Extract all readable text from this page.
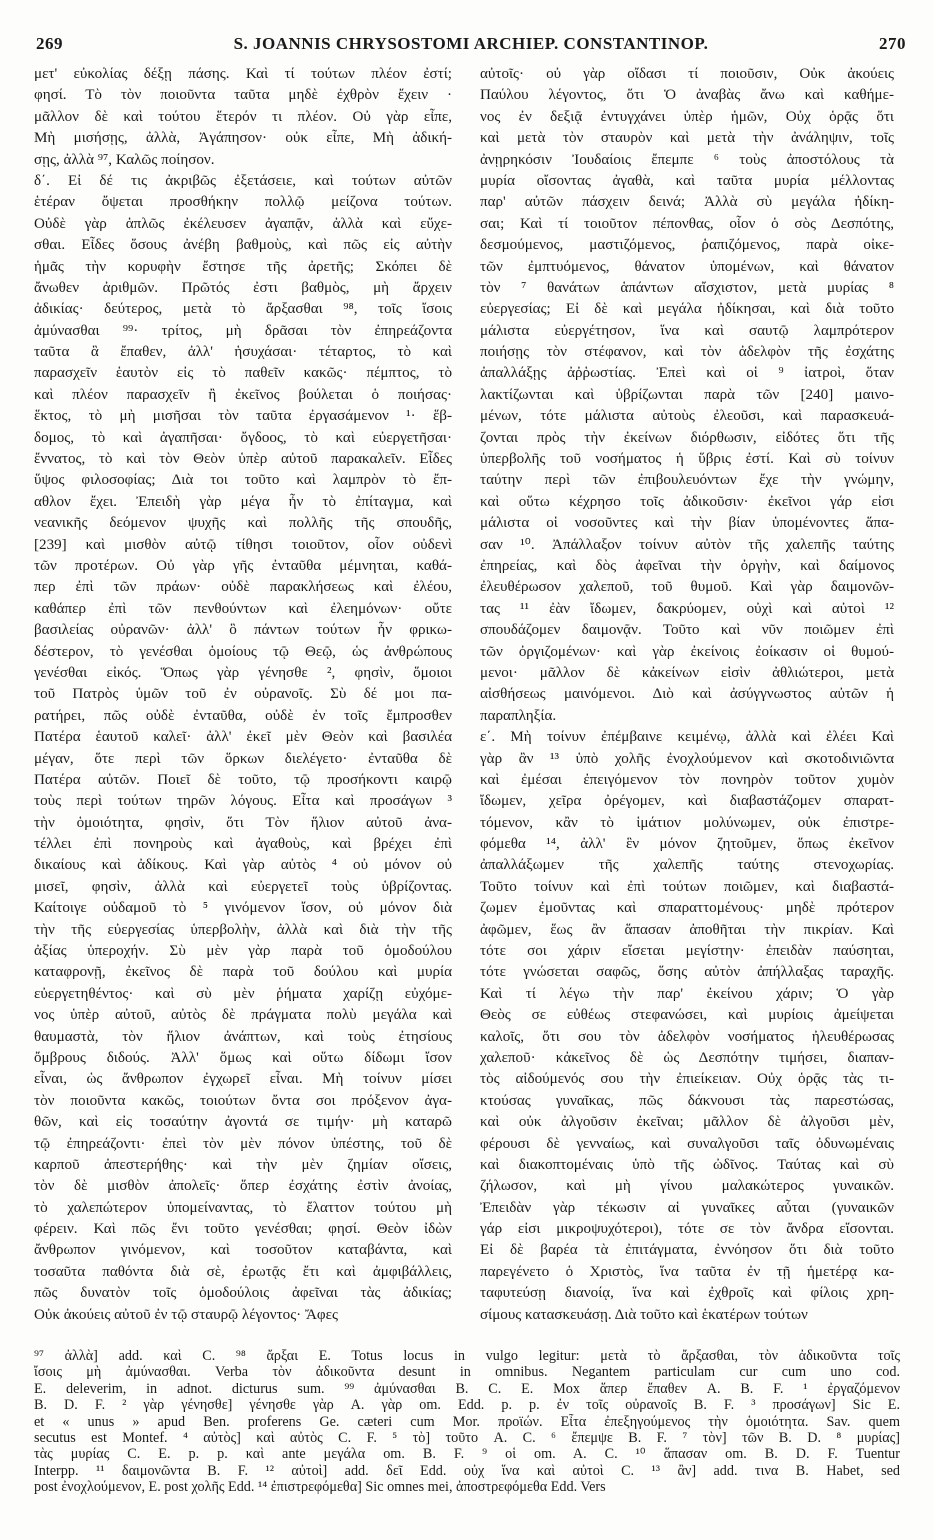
269	S. JOANNIS CHRYSOSTOMI ARCHIEP. CONSTANTINOP.	270
μετ' εὐκολίας δέξῃ πάσης. Καὶ τί τούτων πλέον ἐστί;
φησί. Τὸ τὸν ποιοῦντα ταῦτα μηδὲ ἐχθρὸν ἔχειν ·
μᾶλλον δὲ καὶ τούτου ἕτερόν τι πλέον. Οὐ γὰρ εἶπε,
Μὴ μισήσῃς, ἀλλὰ, Ἀγάπησον· οὐκ εἶπε, Μὴ ἀδική-
σῃς, ἀλλὰ ⁹⁷, Καλῶς ποίησον.
δ΄. Εἰ δέ τις ἀκριβῶς ἐξετάσειε, καὶ τούτων αὐτῶν
ἑτέραν ὄψεται προσθήκην πολλῷ μείζονα τούτων.
Οὐδὲ γὰρ ἁπλῶς ἐκέλευσεν ἀγαπᾷν, ἀλλὰ καὶ εὔχε-
σθαι. Εἶδες ὅσους ἀνέβη βαθμοὺς, καὶ πῶς εἰς αὐτὴν
ἡμᾶς τὴν κορυφὴν ἔστησε τῆς ἀρετῆς; Σκόπει δὲ
ἄνωθεν ἀριθμῶν. Πρῶτός ἐστι βαθμὸς, μὴ ἄρχειν
ἀδικίας· δεύτερος, μετὰ τὸ ἄρξασθαι ⁹⁸, τοῖς ἴσοις
ἀμύνασθαι ⁹⁹· τρίτος, μὴ δρᾶσαι τὸν ἐπηρεάζοντα
ταῦτα ἃ ἔπαθεν, ἀλλ' ἡσυχάσαι· τέταρτος, τὸ καὶ
παρασχεῖν ἑαυτὸν εἰς τὸ παθεῖν κακῶς· πέμπτος, τὸ
καὶ πλέον παρασχεῖν ἢ ἐκεῖνος βούλεται ὁ ποιήσας·
ἕκτος, τὸ μὴ μισῆσαι τὸν ταῦτα ἐργασάμενον ¹· ἕβ-
δομος, τὸ καὶ ἀγαπῆσαι· ὄγδοος, τὸ καὶ εὐεργετῆσαι·
ἔννατος, τὸ καὶ τὸν Θεὸν ὑπὲρ αὐτοῦ παρακαλεῖν. Εἶδες
ὕψος φιλοσοφίας; Διὰ τοι τοῦτο καὶ λαμπρὸν τὸ ἔπ-
αθλον ἔχει. Ἐπειδὴ γὰρ μέγα ἦν τὸ ἐπίταγμα, καὶ
νεανικῆς δεόμενον ψυχῆς καὶ πολλῆς τῆς σπουδῆς,
[239] καὶ μισθὸν αὐτῷ τίθησι τοιοῦτον, οἷον οὐδενὶ
τῶν προτέρων. Οὐ γὰρ γῆς ἐνταῦθα μέμνηται, καθά-
περ ἐπὶ τῶν πράων· οὐδὲ παρακλήσεως καὶ ἐλέου,
καθάπερ ἐπὶ τῶν πενθούντων καὶ ἐλεημόνων· οὔτε
βασιλείας οὐρανῶν· ἀλλ' ὃ πάντων τούτων ἦν φρικω-
δέστερον, τὸ γενέσθαι ὁμοίους τῷ Θεῷ, ὡς ἀνθρώπους
γενέσθαι εἰκός. Ὅπως γὰρ γένησθε ², φησὶν, ὅμοιοι
τοῦ Πατρὸς ὑμῶν τοῦ ἐν οὐρανοῖς. Σὺ δέ μοι πα-
ρατήρει, πῶς οὐδὲ ἐνταῦθα, οὐδὲ ἐν τοῖς ἔμπροσθεν
Πατέρα ἑαυτοῦ καλεῖ· ἀλλ' ἐκεῖ μὲν Θεὸν καὶ βασιλέα
μέγαν, ὅτε περὶ τῶν ὅρκων διελέγετο· ἐνταῦθα δὲ
Πατέρα αὐτῶν. Ποιεῖ δὲ τοῦτο, τῷ προσήκοντι καιρῷ
τοὺς περὶ τούτων τηρῶν λόγους. Εἶτα καὶ προσάγων ³
τὴν ὁμοιότητα, φησὶν, ὅτι Τὸν ἥλιον αὐτοῦ ἀνα-
τέλλει ἐπὶ πονηροὺς καὶ ἀγαθοὺς, καὶ βρέχει ἐπὶ
δικαίους καὶ ἀδίκους. Καὶ γὰρ αὐτὸς ⁴ οὐ μόνον οὐ
μισεῖ, φησὶν, ἀλλὰ καὶ εὐεργετεῖ τοὺς ὑβρίζοντας.
Καίτοιγε οὐδαμοῦ τὸ ⁵ γινόμενον ἴσον, οὐ μόνον διὰ
τὴν τῆς εὐεργεσίας ὑπερβολὴν, ἀλλὰ καὶ διὰ τὴν τῆς
ἀξίας ὑπεροχήν. Σὺ μὲν γὰρ παρὰ τοῦ ὁμοδούλου
καταφρονῇ, ἐκεῖνος δὲ παρὰ τοῦ δούλου καὶ μυρία
εὐεργετηθέντος· καὶ σὺ μὲν ῥήματα χαρίζῃ εὐχόμε-
νος ὑπὲρ αὐτοῦ, αὐτὸς δὲ πράγματα πολὺ μεγάλα καὶ
θαυμαστὰ, τὸν ἥλιον ἀνάπτων, καὶ τοὺς ἐτησίους
ὄμβρους διδούς. Ἀλλ' ὅμως καὶ οὕτω δίδωμι ἴσον
εἶναι, ὡς ἄνθρωπον ἐγχωρεῖ εἶναι. Μὴ τοίνυν μίσει
τὸν ποιοῦντα κακῶς, τοιούτων ὄντα σοι πρόξενον ἀγα-
θῶν, καὶ εἰς τοσαύτην ἀγοντά σε τιμήν· μὴ καταρῶ
τῷ ἐπηρεάζοντι· ἐπεὶ τὸν μὲν πόνον ὑπέστης, τοῦ δὲ
καρποῦ ἀπεστερήθης· καὶ τὴν μὲν ζημίαν οἴσεις,
τὸν δὲ μισθὸν ἀπολεῖς· ὅπερ ἐσχάτης ἐστὶν ἀνοίας,
τὸ χαλεπώτερον ὑπομείναντας, τὸ ἔλαττον τούτου μὴ
φέρειν. Καὶ πῶς ἔνι τοῦτο γενέσθαι; φησί. Θεὸν ἰδὼν
ἄνθρωπον γινόμενον, καὶ τοσοῦτον καταβάντα, καὶ
τοσαῦτα παθόντα διὰ σὲ, ἐρωτᾷς ἔτι καὶ ἀμφιβάλλεις,
πῶς δυνατὸν τοῖς ὁμοδούλοις ἀφεῖναι τὰς ἀδικίας;
Οὐκ ἀκούεις αὐτοῦ ἐν τῷ σταυρῷ λέγοντος· Ἄφες
αὐτοῖς· οὐ γὰρ οἴδασι τί ποιοῦσιν, Οὐκ ἀκούεις
Παύλου λέγοντος, ὅτι Ὁ ἀναβὰς ἄνω καὶ καθήμε-
νος ἐν δεξιᾷ ἐντυγχάνει ὑπὲρ ἡμῶν, Οὐχ ὁρᾷς ὅτι
καὶ μετὰ τὸν σταυρὸν καὶ μετὰ τὴν ἀνάληψιν, τοῖς
ἀνῃρηκόσιν Ἰουδαίοις ἔπεμπε ⁶ τοὺς ἀποστόλους τὰ
μυρία οἴσοντας ἀγαθὰ, καὶ ταῦτα μυρία μέλλοντας
παρ' αὐτῶν πάσχειν δεινά; Ἀλλὰ σὺ μεγάλα ἠδίκη-
σαι; Καὶ τί τοιοῦτον πέπονθας, οἷον ὁ σὸς Δεσπότης,
δεσμούμενος, μαστιζόμενος, ῥαπιζόμενος, παρὰ οἰκε-
τῶν ἐμπτυόμενος, θάνατον ὑπομένων, καὶ θάνατον
τὸν ⁷ θανάτων ἁπάντων αἴσχιστον, μετὰ μυρίας ⁸
εὐεργεσίας; Εἰ δὲ καὶ μεγάλα ἠδίκησαι, καὶ διὰ τοῦτο
μάλιστα εὐεργέτησον, ἵνα καὶ σαυτῷ λαμπρότερον
ποιήσῃς τὸν στέφανον, καὶ τὸν ἀδελφὸν τῆς ἐσχάτης
ἀπαλλάξῃς ἀῤῥωστίας. Ἐπεὶ καὶ οἱ ⁹ ἰατροὶ, ὅταν
λακτίζωνται καὶ ὑβρίζωνται παρὰ τῶν [240] μαινο-
μένων, τότε μάλιστα αὐτοὺς ἐλεοῦσι, καὶ παρασκευά-
ζονται πρὸς τὴν ἐκείνων διόρθωσιν, εἰδότες ὅτι τῆς
ὑπερβολῆς τοῦ νοσήματος ἡ ὕβρις ἐστί. Καὶ σὺ τοίνυν
ταύτην περὶ τῶν ἐπιβουλευόντων ἔχε τὴν γνώμην,
καὶ οὕτω κέχρησο τοῖς ἀδικοῦσιν· ἐκεῖνοι γάρ εἰσι
μάλιστα οἱ νοσοῦντες καὶ τὴν βίαν ὑπομένοντες ἅπα-
σαν ¹⁰. Ἀπάλλαξον τοίνυν αὐτὸν τῆς χαλεπῆς ταύτης
ἐπηρείας, καὶ δὸς ἀφεῖναι τὴν ὀργὴν, καὶ δαίμονος
ἐλευθέρωσον χαλεποῦ, τοῦ θυμοῦ. Καὶ γὰρ δαιμονῶν-
τας ¹¹ ἐὰν ἴδωμεν, δακρύομεν, οὐχὶ καὶ αὐτοὶ ¹²
σπουδάζομεν δαιμονᾷν. Τοῦτο καὶ νῦν ποιῶμεν ἐπὶ
τῶν ὀργιζομένων· καὶ γὰρ ἐκείνοις ἐοίκασιν οἱ θυμού-
μενοι· μᾶλλον δὲ κἀκείνων εἰσὶν ἀθλιώτεροι, μετὰ
αἰσθήσεως μαινόμενοι. Διὸ καὶ ἀσύγγνωστος αὐτῶν ἡ
παραπληξία.
ε΄. Μὴ τοίνυν ἐπέμβαινε κειμένῳ, ἀλλὰ καὶ ἐλέει Καὶ
γὰρ ἂν ¹³ ὑπὸ χολῆς ἐνοχλούμενον καὶ σκοτοδινιῶντα
καὶ ἐμέσαι ἐπειγόμενον τὸν πονηρὸν τοῦτον χυμὸν
ἴδωμεν, χεῖρα ὀρέγομεν, καὶ διαβαστάζομεν σπαρατ-
τόμενον, κἂν τὸ ἱμάτιον μολύνωμεν, οὐκ ἐπιστρε-
φόμεθα ¹⁴, ἀλλ' ἓν μόνον ζητοῦμεν, ὅπως ἐκεῖνον
ἀπαλλάξωμεν τῆς χαλεπῆς ταύτης στενοχωρίας.
Τοῦτο τοίνυν καὶ ἐπὶ τούτων ποιῶμεν, καὶ διαβαστά-
ζωμεν ἐμοῦντας καὶ σπαραττομένους· μηδὲ πρότερον
ἀφῶμεν, ἕως ἂν ἅπασαν ἀποθῆται τὴν πικρίαν. Καὶ
τότε σοι χάριν εἴσεται μεγίστην· ἐπειδὰν παύσηται,
τότε γνώσεται σαφῶς, ὅσης αὐτὸν ἀπήλλαξας ταραχῆς.
Καὶ τί λέγω τὴν παρ' ἐκείνου χάριν; Ὁ γὰρ
Θεὸς σε εὐθέως στεφανώσει, καὶ μυρίοις ἀμείψεται
καλοῖς, ὅτι σου τὸν ἀδελφὸν νοσήματος ἠλευθέρωσας
χαλεποῦ· κἀκεῖνος δὲ ὡς Δεσπότην τιμήσει, διαπαν-
τὸς αἰδούμενός σου τὴν ἐπιείκειαν. Οὐχ ὁρᾷς τὰς τι-
κτούσας γυναῖκας, πῶς δάκνουσι τὰς παρεστώσας,
καὶ οὐκ ἀλγοῦσιν ἐκεῖναι; μᾶλλον δὲ ἀλγοῦσι μὲν,
φέρουσι δὲ γενναίως, καὶ συναλγοῦσι ταῖς ὀδυνωμέναις
καὶ διακοπτομέναις ὑπὸ τῆς ὠδῖνος. Ταύτας καὶ σὺ
ζήλωσον, καὶ μὴ γίνου μαλακώτερος γυναικῶν.
Ἐπειδὰν γὰρ τέκωσιν αἱ γυναῖκες αὗται (γυναικῶν
γάρ εἰσι μικροψυχότεροι), τότε σε τὸν ἄνδρα εἴσονται.
Εἰ δὲ βαρέα τὰ ἐπιτάγματα, ἐννόησον ὅτι διὰ τοῦτο
παρεγένετο ὁ Χριστὸς, ἵνα ταῦτα ἐν τῇ ἡμετέρᾳ κα-
ταφυτεύσῃ διανοίᾳ, ἵνα καὶ ἐχθροῖς καὶ φίλοις χρη-
σίμους κατασκευάσῃ. Διὰ τοῦτο καὶ ἑκατέρων τούτων
⁹⁷ ἀλλὰ] add. καὶ C. ⁹⁸ ἄρξαι E. Totus locus in vulgo legitur: μετὰ τὸ ἄρξασθαι, τὸν ἀδικοῦντα τοῖς
ἴσοις μὴ ἀμύνασθαι. Verba τὸν ἀδικοῦντα desunt in omnibus. Negantem particulam cur cum uno cod.
E. deleverim, in adnot. dicturus sum. ⁹⁹ ἀμύνασθαι B. C. E. Mox ἅπερ ἔπαθεν A. B. F. ¹ ἐργαζόμενον
B. D. F. ² γὰρ γένησθε] γένησθε γὰρ A. γὰρ om. Edd. p. p. ἐν τοῖς οὐρανοῖς B. F. ³ προσάγων] Sic E.
et « unus » apud Ben. proferens Ge. cæteri cum Mor. προϊών. Εἶτα ἐπεξηγούμενος τὴν ὁμοιότητα. Sav. quem
secutus est Montef. ⁴ αὐτὸς] καὶ αὐτὸς C. F. ⁵ τὸ] τοῦτο A. C. ⁶ ἔπεμψε B. F. ⁷ τὸν] τῶν B. D. ⁸ μυρίας]
τὰς μυρίας C. E. p. p. καὶ ante μεγάλα om. B. F. ⁹ οἱ om. A. C. ¹⁰ ἅπασαν om. B. D. F. Tuentur
Interpp. ¹¹ δαιμονῶντα B. F. ¹² αὐτοὶ] add. δεῖ Edd. οὐχ ἵνα καὶ αὐτοὶ C. ¹³ ἂν] add. τινα B. Habet, sed
post ἐνοχλούμενον, E. post χολῆς Edd. ¹⁴ ἐπιστρεφόμεθα] Sic omnes mei, ἀποστρεφόμεθα Edd. Vers
